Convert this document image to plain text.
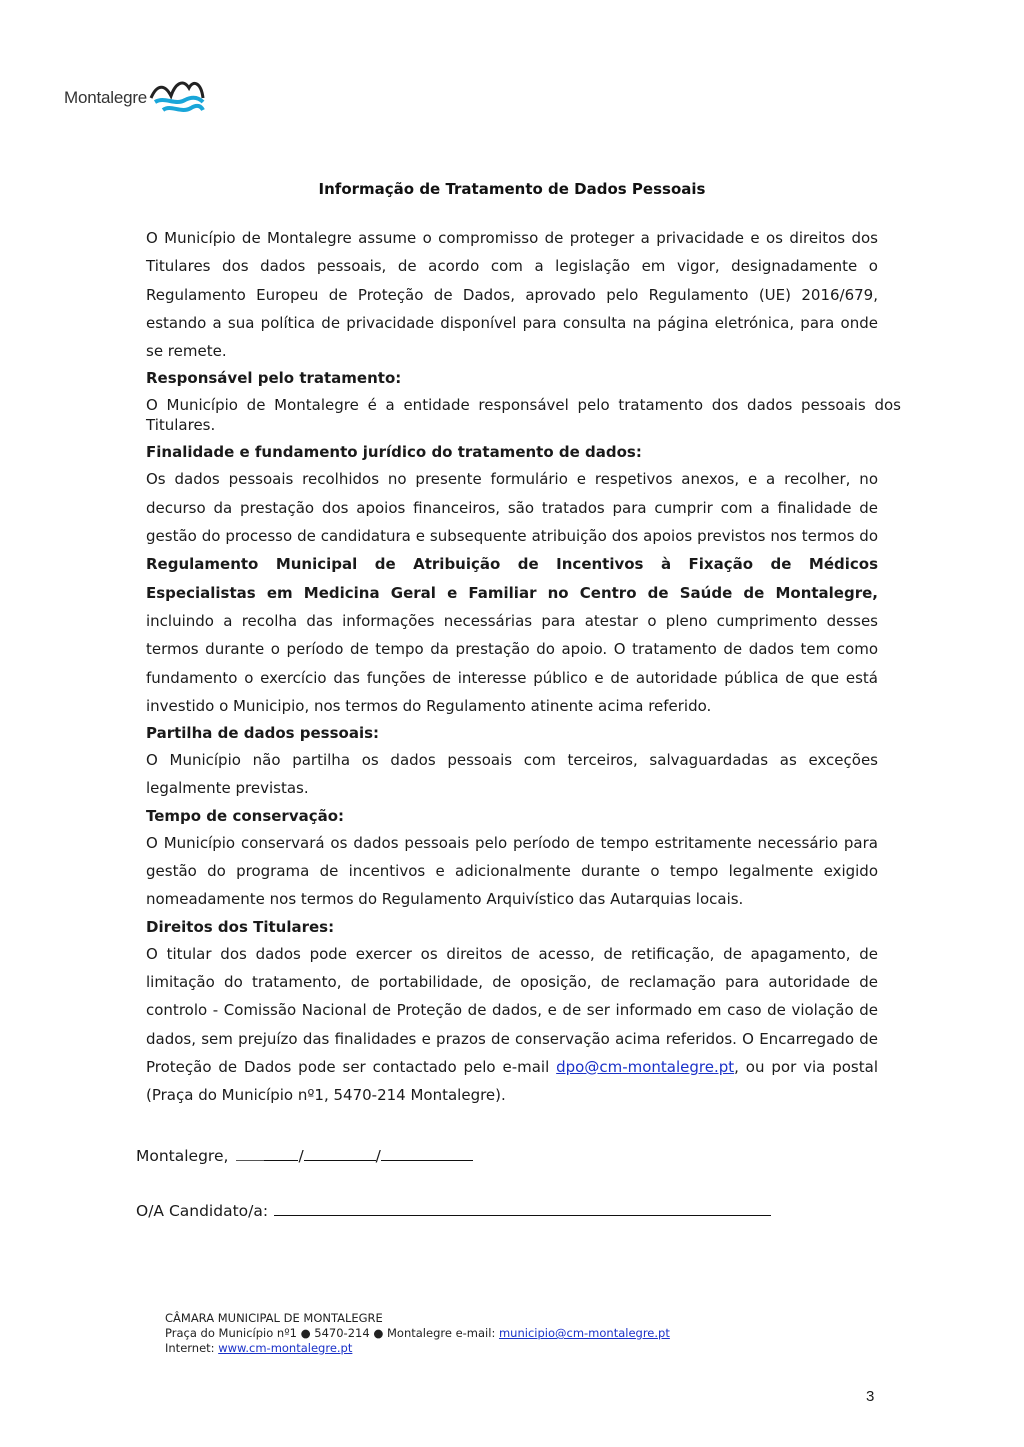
Montalegre
Informação de Tratamento de Dados Pessoais

O Município de Montalegre assume o compromisso de proteger a privacidade e os direitos dos Titulares dos dados pessoais, de acordo com a legislação em vigor, designadamente o Regulamento Europeu de Proteção de Dados, aprovado pelo Regulamento (UE) 2016/679, estando a sua política de privacidade disponível para consulta na página eletrónica, para onde se remete.

Responsável pelo tratamento:

O Município de Montalegre é a entidade responsável pelo tratamento dos dados pessoais dos Titulares.

Finalidade e fundamento jurídico do tratamento de dados:

Os dados pessoais recolhidos no presente formulário e respetivos anexos, e a recolher, no decurso da prestação dos apoios financeiros, são tratados para cumprir com a finalidade de gestão do processo de candidatura e subsequente atribuição dos apoios previstos nos termos do Regulamento Municipal de Atribuição de Incentivos à Fixação de Médicos Especialistas em Medicina Geral e Familiar no Centro de Saúde de Montalegre, incluindo a recolha das informações necessárias para atestar o pleno cumprimento desses termos durante o período de tempo da prestação do apoio. O tratamento de dados tem como fundamento o exercício das funções de interesse público e de autoridade pública de que está investido o Municipio, nos termos do Regulamento atinente acima referido.

Partilha de dados pessoais:

O Município não partilha os dados pessoais com terceiros, salvaguardadas as exceções legalmente previstas.

Tempo de conservação:

O Município conservará os dados pessoais pelo período de tempo estritamente necessário para gestão do programa de incentivos e adicionalmente durante o tempo legalmente exigido nomeadamente nos termos do Regulamento Arquivístico das Autarquias locais.

Direitos dos Titulares:

O titular dos dados pode exercer os direitos de acesso, de retificação, de apagamento, de limitação do tratamento, de portabilidade, de oposição, de reclamação para autoridade de controlo - Comissão Nacional de Proteção de dados, e de ser informado em caso de violação de dados, sem prejuízo das finalidades e prazos de conservação acima referidos. O Encarregado de Proteção de Dados pode ser contactado pelo e-mail dpo@cm-montalegre.pt, ou por via postal (Praça do Município nº1, 5470-214 Montalegre).

Montalegre,	/	/
O/A Candidato/a:
CÂMARA MUNICIPAL DE MONTALEGRE
Praça do Município nº1 ● 5470-214 ● Montalegre e-mail: municipio@cm-montalegre.pt
Internet: www.cm-montalegre.pt
3
